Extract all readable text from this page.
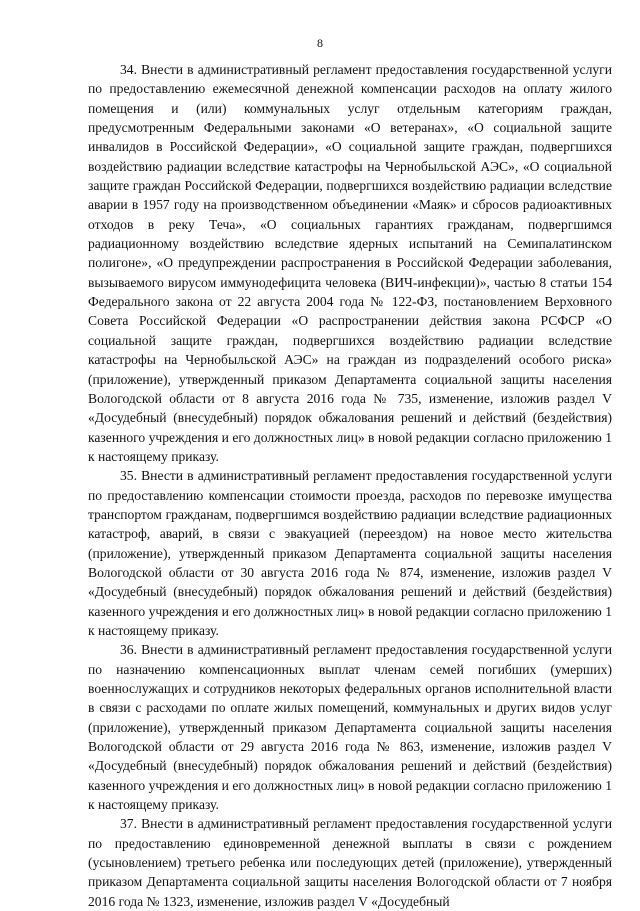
8

34. Внести в административный регламент предоставления государственной услуги по предоставлению ежемесячной денежной компенсации расходов на оплату жилого помещения и (или) коммунальных услуг отдельным категориям граждан, предусмотренным Федеральными законами «О ветеранах», «О социальной защите инвалидов в Российской Федерации», «О социальной защите граждан, подвергшихся воздействию радиации вследствие катастрофы на Чернобыльской АЭС», «О социальной защите граждан Российской Федерации, подвергшихся воздействию радиации вследствие аварии в 1957 году на производственном объединении «Маяк» и сбросов радиоактивных отходов в реку Теча», «О социальных гарантиях гражданам, подвергшимся радиационному воздействию вследствие ядерных испытаний на Семипалатинском полигоне», «О предупреждении распространения в Российской Федерации заболевания, вызываемого вирусом иммунодефицита человека (ВИЧ-инфекции)», частью 8 статьи 154 Федерального закона от 22 августа 2004 года № 122-ФЗ, постановлением Верховного Совета Российской Федерации «О распространении действия закона РСФСР «О социальной защите граждан, подвергшихся воздействию радиации вследствие катастрофы на Чернобыльской АЭС» на граждан из подразделений особого риска» (приложение), утвержденный приказом Департамента социальной защиты населения Вологодской области от 8 августа 2016 года № 735, изменение, изложив раздел V «Досудебный (внесудебный) порядок обжалования решений и действий (бездействия) казенного учреждения и его должностных лиц» в новой редакции согласно приложению 1 к настоящему приказу.

35. Внести в административный регламент предоставления государственной услуги по предоставлению компенсации стоимости проезда, расходов по перевозке имущества транспортом гражданам, подвергшимся воздействию радиации вследствие радиационных катастроф, аварий, в связи с эвакуацией (переездом) на новое место жительства (приложение), утвержденный приказом Департамента социальной защиты населения Вологодской области от 30 августа 2016 года № 874, изменение, изложив раздел V «Досудебный (внесудебный) порядок обжалования решений и действий (бездействия) казенного учреждения и его должностных лиц» в новой редакции согласно приложению 1 к настоящему приказу.

36. Внести в административный регламент предоставления государственной услуги по назначению компенсационных выплат членам семей погибших (умерших) военнослужащих и сотрудников некоторых федеральных органов исполнительной власти в связи с расходами по оплате жилых помещений, коммунальных и других видов услуг (приложение), утвержденный приказом Департамента социальной защиты населения Вологодской области от 29 августа 2016 года № 863, изменение, изложив раздел V «Досудебный (внесудебный) порядок обжалования решений и действий (бездействия) казенного учреждения и его должностных лиц» в новой редакции согласно приложению 1 к настоящему приказу.

37. Внести в административный регламент предоставления государственной услуги по предоставлению единовременной денежной выплаты в связи с рождением (усыновлением) третьего ребенка или последующих детей (приложение), утвержденный приказом Департамента социальной защиты населения Вологодской области от 7 ноября 2016 года № 1323, изменение, изложив раздел V «Досудебный
